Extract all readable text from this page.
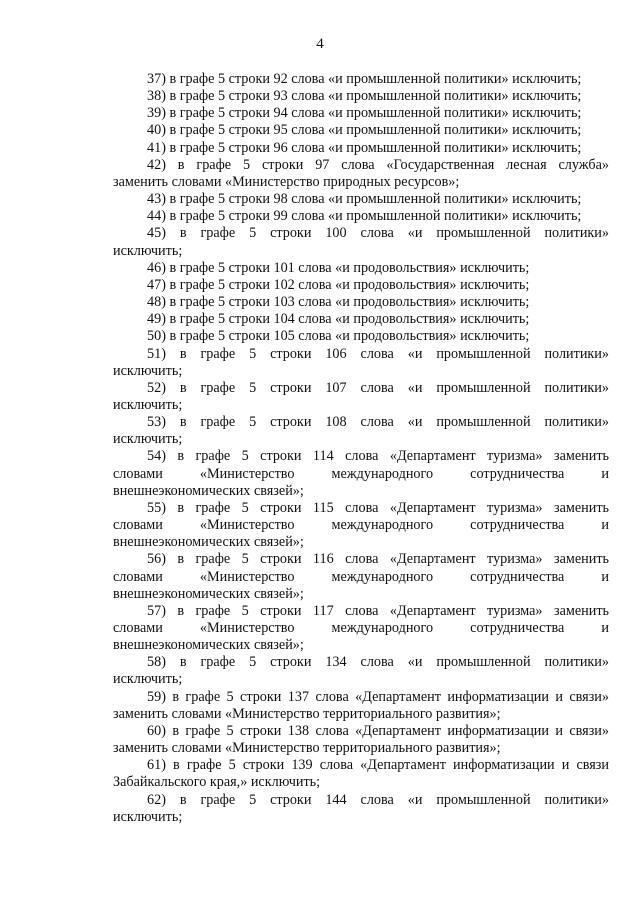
4
37) в графе 5 строки 92 слова «и промышленной политики» исключить;
38) в графе 5 строки 93 слова «и промышленной политики» исключить;
39) в графе 5 строки 94 слова «и промышленной политики» исключить;
40) в графе 5 строки 95 слова «и промышленной политики» исключить;
41) в графе 5 строки 96 слова «и промышленной политики» исключить;
42) в графе 5 строки 97 слова «Государственная лесная служба»
заменить словами «Министерство природных ресурсов»;
43) в графе 5 строки 98 слова «и промышленной политики» исключить;
44) в графе 5 строки 99 слова «и промышленной политики» исключить;
45) в графе 5 строки 100 слова «и промышленной политики»
исключить;
46) в графе 5 строки 101 слова «и продовольствия» исключить;
47) в графе 5 строки 102 слова «и продовольствия» исключить;
48) в графе 5 строки 103 слова «и продовольствия» исключить;
49) в графе 5 строки 104 слова «и продовольствия» исключить;
50) в графе 5 строки 105 слова «и продовольствия» исключить;
51) в графе 5 строки 106 слова «и промышленной политики»
исключить;
52) в графе 5 строки 107 слова «и промышленной политики»
исключить;
53) в графе 5 строки 108 слова «и промышленной политики»
исключить;
54) в графе 5 строки 114 слова «Департамент туризма» заменить
словами «Министерство международного сотрудничества и
внешнеэкономических связей»;
55) в графе 5 строки 115 слова «Департамент туризма» заменить
словами «Министерство международного сотрудничества и
внешнеэкономических связей»;
56) в графе 5 строки 116 слова «Департамент туризма» заменить
словами «Министерство международного сотрудничества и
внешнеэкономических связей»;
57) в графе 5 строки 117 слова «Департамент туризма» заменить
словами «Министерство международного сотрудничества и
внешнеэкономических связей»;
58) в графе 5 строки 134 слова «и промышленной политики»
исключить;
59) в графе 5 строки 137 слова «Департамент информатизации и связи»
заменить словами «Министерство территориального развития»;
60) в графе 5 строки 138 слова «Департамент информатизации и связи»
заменить словами «Министерство территориального развития»;
61) в графе 5 строки 139 слова «Департамент информатизации и связи
Забайкальского края,» исключить;
62) в графе 5 строки 144 слова «и промышленной политики»
исключить;
